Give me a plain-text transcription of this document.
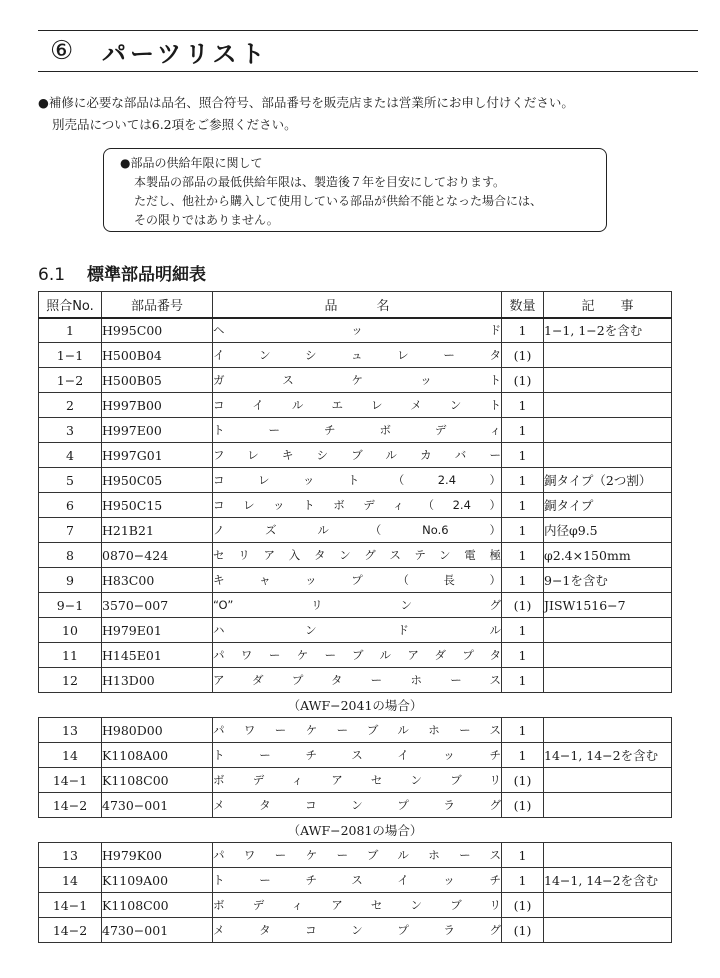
⑥	パーツリスト
●補修に必要な部品は品名、照合符号、部品番号を販売店または営業所にお申し付けください。
別売品については6.2項をご参照ください。
●部品の供給年限に関して
本製品の部品の最低供給年限は、製造後７年を目安にしております。
ただし、他社から購入して使用している部品が供給不能となった場合には、
その限りではありません。
6.1 標準部品明細表
照合No.	部品番号	品　　　名	数量	記　　事
1	H995C00	ヘッド	1	1−1, 1−2を含む
1−1	H500B04	インシュレータ	(1)	
1−2	H500B05	ガスケット	(1)	
2	H997B00	コイルエレメント	1	
3	H997E00	トーチボディ	1	
4	H997G01	フレキシブルカバー	1	
5	H950C05	コレット（2.4）	1	銅タイプ（2つ割）
6	H950C15	コレットボディ（2.4）	1	銅タイプ
7	H21B21	ノズル（No.6）	1	内径φ9.5
8	0870−424	セリア入タングステン電極	1	φ2.4×150mm
9	H83C00	キャップ（長）	1	9−1を含む
9−1	3570−007	“O”リング	(1)	JISW1516−7
10	H979E01	ハンドル	1	
11	H145E01	パワーケーブルアダプタ	1	
12	H13D00	アダプターホース	1	
（AWF−2041の場合）				
13	H980D00	パワーケーブルホース	1	
14	K1108A00	トーチスイッチ	1	14−1, 14−2を含む
14−1	K1108C00	ボディアセンブリ	(1)	
14−2	4730−001	メタコンプラグ	(1)	
（AWF−2081の場合）				
13	H979K00	パワーケーブルホース	1	
14	K1109A00	トーチスイッチ	1	14−1, 14−2を含む
14−1	K1108C00	ボディアセンブリ	(1)	
14−2	4730−001	メタコンプラグ	(1)	
